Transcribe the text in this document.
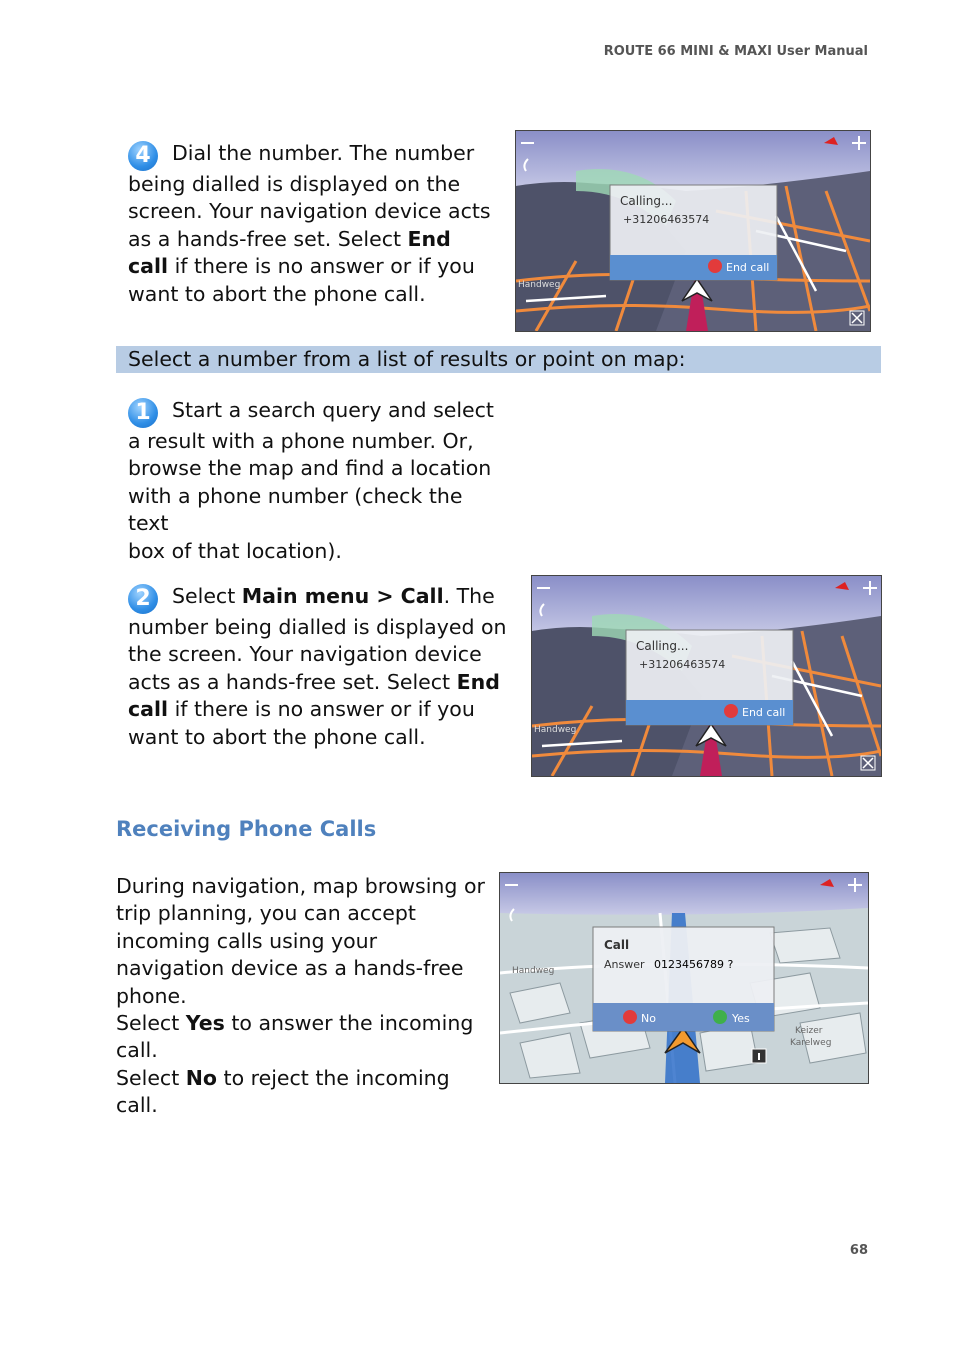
ROUTE 66 MINI & MAXI User Manual

4 Dial the number. The number
being dialled is displayed on the
screen. Your navigation device acts
as a hands-free set. Select End
call if there is no answer or if you
want to abort the phone call.

Calling...
+31206463574
End call
Handweg
Select a number from a list of results or point on map:

1 Start a search query and select
a result with a phone number. Or,
browse the map and find a location
with a phone number (check the text
box of that location).

2 Select Main menu > Call. The
number being dialled is displayed on
the screen. Your navigation device
acts as a hands-free set. Select End
call if there is no answer or if you
want to abort the phone call.

Calling...
+31206463574
End call
Handweg
Receiving Phone Calls

During navigation, map browsing or
trip planning, you can accept
incoming calls using your
navigation device as a hands-free
phone.
Select Yes to answer the incoming
call.
Select No to reject the incoming
call.

Call
Answer 0123456789 ?
No	Yes
Handweg
Keizer
Karelweg
68
